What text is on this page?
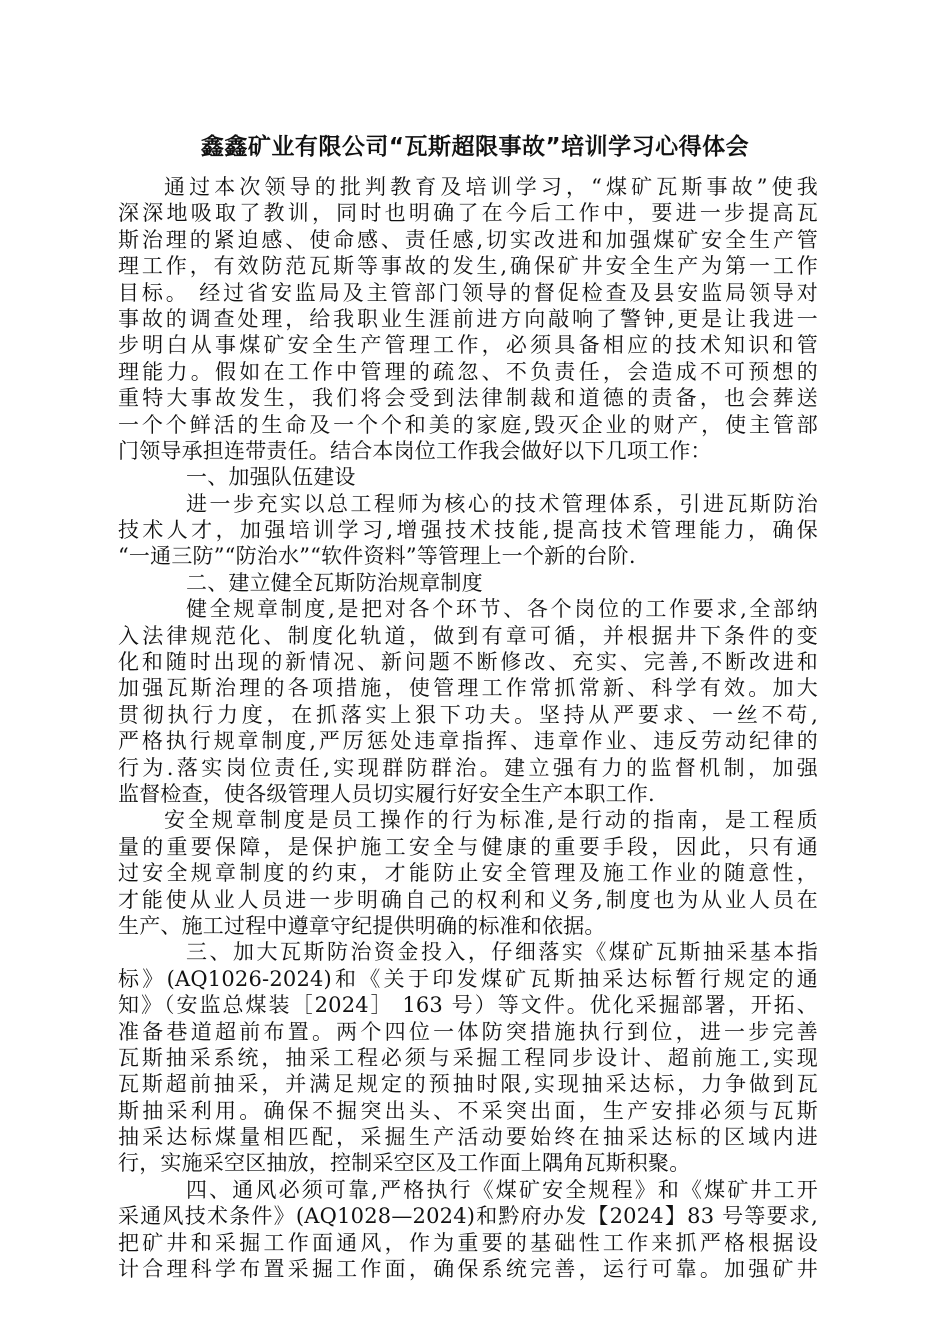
鑫鑫矿业有限公司“瓦斯超限事故”培训学习心得体会
通过本次领导的批判教育及培训学习，“煤矿瓦斯事故”使我
深深地吸取了教训，同时也明确了在今后工作中，要进一步提高瓦
斯治理的紧迫感、使命感、责任感,切实改进和加强煤矿安全生产管
理工作，有效防范瓦斯等事故的发生,确保矿井安全生产为第一工作
目标。 经过省安监局及主管部门领导的督促检查及县安监局领导对
事故的调查处理，给我职业生涯前进方向敲响了警钟,更是让我进一
步明白从事煤矿安全生产管理工作，必须具备相应的技术知识和管
理能力。假如在工作中管理的疏忽、不负责任，会造成不可预想的
重特大事故发生，我们将会受到法律制裁和道德的责备，也会葬送
一个个鲜活的生命及一个个和美的家庭,毁灭企业的财产，使主管部
门领导承担连带责任。结合本岗位工作我会做好以下几项工作：
一、加强队伍建设
进一步充实以总工程师为核心的技术管理体系，引进瓦斯防治
技术人才，加强培训学习,增强技术技能,提高技术管理能力，确保
“一通三防”“防治水”“软件资料”等管理上一个新的台阶.
二、建立健全瓦斯防治规章制度
健全规章制度,是把对各个环节、各个岗位的工作要求,全部纳
入法律规范化、制度化轨道，做到有章可循，并根据井下条件的变
化和随时出现的新情况、新问题不断修改、充实、完善,不断改进和
加强瓦斯治理的各项措施，使管理工作常抓常新、科学有效。加大
贯彻执行力度，在抓落实上狠下功夫。坚持从严要求、一丝不苟,
严格执行规章制度,严厉惩处违章指挥、违章作业、违反劳动纪律的
行为.落实岗位责任,实现群防群治。建立强有力的监督机制，加强
监督检查，使各级管理人员切实履行好安全生产本职工作.
安全规章制度是员工操作的行为标准,是行动的指南，是工程质
量的重要保障，是保护施工安全与健康的重要手段，因此，只有通
过安全规章制度的约束，才能防止安全管理及施工作业的随意性，
才能使从业人员进一步明确自己的权利和义务,制度也为从业人员在
生产、施工过程中遵章守纪提供明确的标准和依据。
三、加大瓦斯防治资金投入，仔细落实《煤矿瓦斯抽采基本指
标》(AQ1026-2024)和《关于印发煤矿瓦斯抽采达标暂行规定的通
知》（安监总煤装［2024］ 163 号）等文件。优化采掘部署，开拓、
准备巷道超前布置。两个四位一体防突措施执行到位，进一步完善
瓦斯抽采系统，抽采工程必须与采掘工程同步设计、超前施工,实现
瓦斯超前抽采，并满足规定的预抽时限,实现抽采达标，力争做到瓦
斯抽采利用。确保不掘突出头、不采突出面，生产安排必须与瓦斯
抽采达标煤量相匹配，采掘生产活动要始终在抽采达标的区域内进
行，实施采空区抽放，控制采空区及工作面上隅角瓦斯积聚。
四、通风必须可靠,严格执行《煤矿安全规程》和《煤矿井工开
采通风技术条件》(AQ1028—2024)和黔府办发【2024】83 号等要求,
把矿井和采掘工作面通风，作为重要的基础性工作来抓严格根据设
计合理科学布置采掘工作面，确保系统完善，运行可靠。加强矿井
